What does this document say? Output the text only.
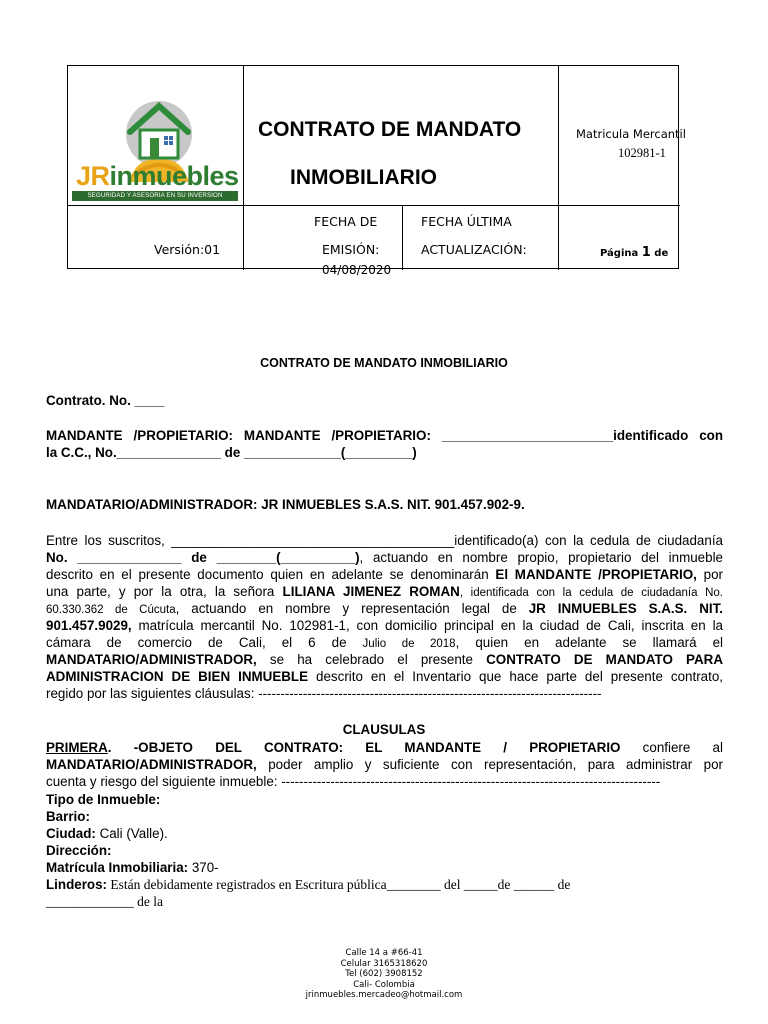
JRinmuebles
SEGURIDAD Y ASESORIA EN SU INVERSION
CONTRATO DE MANDATO
INMOBILIARIO
Matricula Mercantil
102981-1
Versión:01
FECHA DE
EMISIÓN:
04/08/2020
FECHA ÚLTIMA
ACTUALIZACIÓN:	Página 1 de
CONTRATO DE MANDATO INMOBILIARIO
Contrato. No. ____
MANDANTE /PROPIETARIO: MANDANTE /PROPIETARIO: _______________________identificado con
la C.C., No.______________ de _____________(_________)
MANDATARIO/ADMINISTRADOR: JR INMUEBLES S.A.S. NIT. 901.457.902-9.
Entre los suscritos, ______________________________________identificado(a) con la cedula de ciudadanía
No. ______________ de ________(__________), actuando en nombre propio, propietario del inmueble
descrito en el presente documento quien en adelante se denominarán El MANDANTE /PROPIETARIO, por
una parte, y por la otra, la señora LILIANA JIMENEZ ROMAN, identificada con la cedula de ciudadanía No.
60.330.362 de Cúcuta, actuando en nombre y representación legal de JR INMUEBLES S.A.S. NIT.
901.457.9029, matrícula mercantil No. 102981-1, con domicilio principal en la ciudad de Cali, inscrita en la
cámara de comercio de Cali, el 6 de Julio de 2018, quien en adelante se llamará el
MANDATARIO/ADMINISTRADOR, se ha celebrado el presente CONTRATO DE MANDATO PARA
ADMINISTRACION DE BIEN INMUEBLE descrito en el Inventario que hace parte del presente contrato,
regido por las siguientes cláusulas: -----------------------------------------------------------------------------
CLAUSULAS
PRIMERA. -OBJETO DEL CONTRATO: EL MANDANTE / PROPIETARIO confiere al
MANDATARIO/ADMINISTRADOR, poder amplio y suficiente con representación, para administrar por
cuenta y riesgo del siguiente inmueble: -------------------------------------------------------------------------------------
Tipo de Inmueble:
Barrio:
Ciudad: Cali (Valle).
Dirección:
Matrícula Inmobiliaria: 370-
Linderos: Están debidamente registrados en Escritura pública________ del _____de ______ de
_____________ de la
Calle 14 a #66-41
Celular 3165318620
Tel (602) 3908152
Cali- Colombia
jrinmuebles.mercadeo@hotmail.com
